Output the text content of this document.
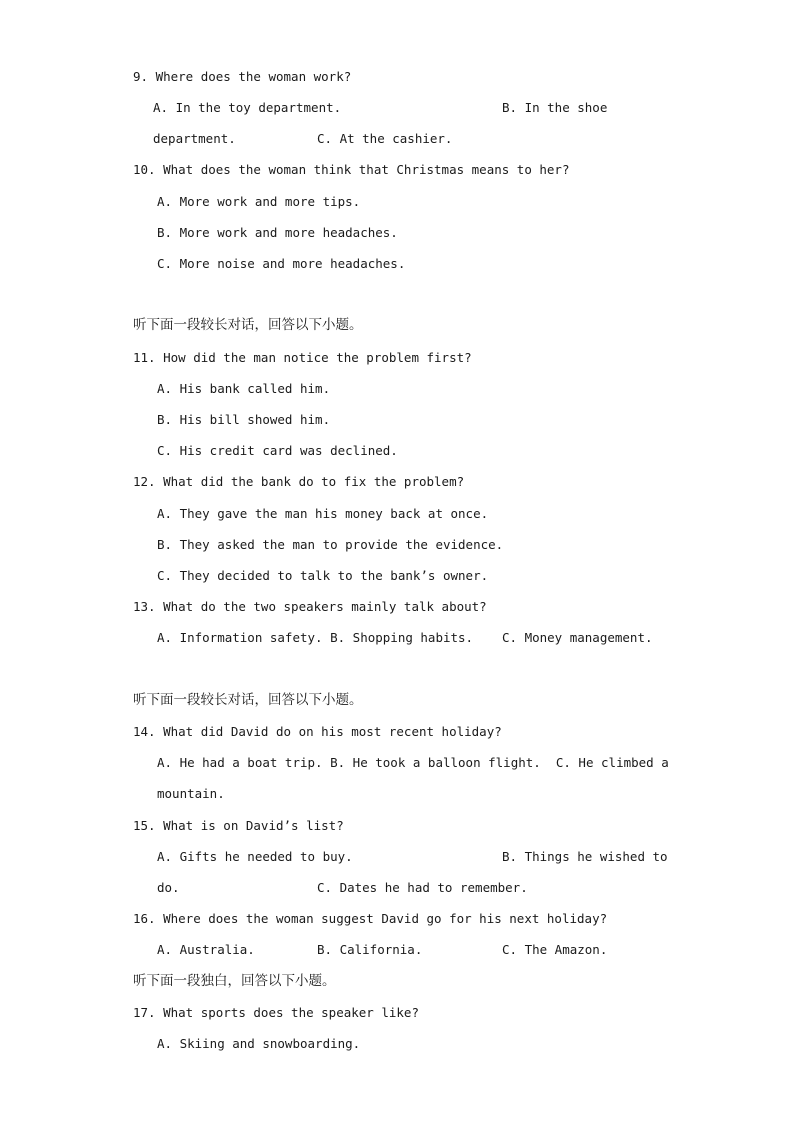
9. Where does the woman work?
A. In the toy department.	B. In the shoe
department.	C. At the cashier.
10. What does the woman think that Christmas means to her?
A. More work and more tips.
B. More work and more headaches.
C. More noise and more headaches.
听下面一段较长对话，回答以下小题。
11. How did the man notice the problem first?
A. His bank called him.
B. His bill showed him.
C. His credit card was declined.
12. What did the bank do to fix the problem?
A. They gave the man his money back at once.
B. They asked the man to provide the evidence.
C. They decided to talk to the bank’s owner.
13. What do the two speakers mainly talk about?
A. Information safety. B. Shopping habits. C. Money management.
听下面一段较长对话，回答以下小题。
14. What did David do on his most recent holiday?
A. He had a boat trip. B. He took a balloon flight.  C. He climbed a
mountain.
15. What is on David’s list?
A. Gifts he needed to buy.	B. Things he wished to
do.	C. Dates he had to remember.
16. Where does the woman suggest David go for his next holiday?
A. Australia.	B. California.	C. The Amazon.
听下面一段独白，回答以下小题。
17. What sports does the speaker like?
A. Skiing and snowboarding.
